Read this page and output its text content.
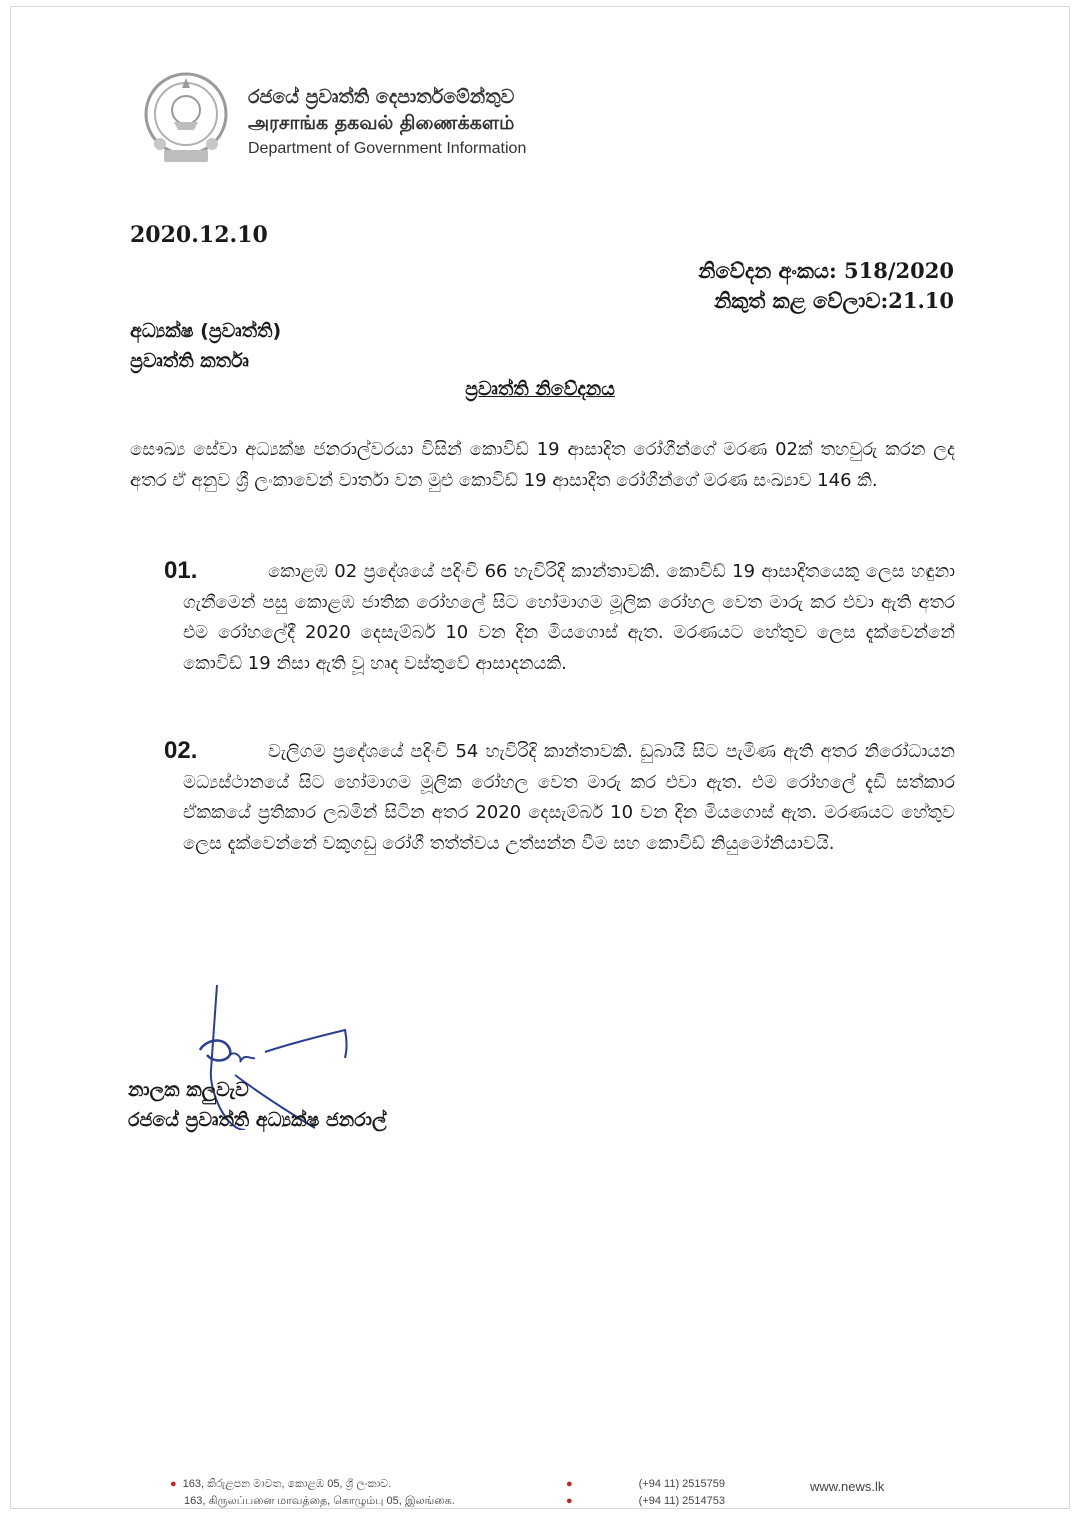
රජයේ ප්‍රවෘත්ති දෙපාර්තමේන්තුව
அரசாங்க தகவல் திணைக்களம்
Department of Government Information
2020.12.10
නිවේදන අංකය: 518/2020
නිකුත් කළ වේලාව:21.10
අධ්‍යක්ෂ (ප්‍රවෘත්ති)
ප්‍රවෘත්ති කර්තෘ
ප්‍රවෘත්ති නිවේදනය
සෞඛ්‍ය සේවා අධ්‍යක්ෂ ජනරාල්වරයා විසින් කොවිඩ් 19 ආසාදිත රෝගීන්ගේ මරණ 02ක් තහවුරු කරන ලද අතර ඒ අනුව ශ්‍රී ලංකාවෙන් වාර්තා වන මුළු කොවිඩ් 19 ආසාදිත රෝගීන්ගේ මරණ සංඛ්‍යාව 146 කි.
01.	කොළඹ 02 ප්‍රදේශයේ පදිංචි 66 හැවිරිදි කාන්තාවකි. කොවිඩ් 19 ආසාදිතයෙකු ලෙස හඳුනා ගැනීමෙන් පසු කොළඹ ජාතික රෝහලේ සිට හෝමාගම මූලික රෝහල වෙත මාරු කර එවා ඇති අතර එම රෝහලේදී 2020 දෙසැම්බර් 10 වන දින මියගොස් ඇත. මරණයට හේතුව ලෙස දැක්වෙන්නේ කොවිඩ් 19 නිසා ඇති වූ හෘද වස්තුවේ ආසාදනයකි.
02.	වැලිගම ප්‍රදේශයේ පදිංචි 54 හැවිරිදි කාන්තාවකි. ඩුබායි සිට පැමිණ ඇති අතර නිරෝධායන මධ්‍යස්ථානයේ සිට හෝමාගම මූලික රෝහල වෙත මාරු කර එවා ඇත. එම රෝහලේ දැඩි සත්කාර ඒකකයේ ප්‍රතිකාර ලබමින් සිටින අතර 2020 දෙසැම්බර් 10 වන දින මියගොස් ඇත. මරණයට හේතුව ලෙස දැක්වෙන්නේ වකුගඩු රෝගී තත්ත්වය උත්සන්න වීම සහ කොවිඩ් නියුමෝනියාවයි.
නාලක කලුවැව
රජයේ ප්‍රවෘත්ති අධ්‍යක්ෂ ජනරාල්
● 163, කිරුළපන මාවත, කොළඹ 05, ශ්‍රී ලංකාව.
163, கிருலப்பனை மாவத்தை, கொழும்பு 05, இலங்கை.
●	(+94 11) 2515759
●	(+94 11) 2514753
www.news.lk
